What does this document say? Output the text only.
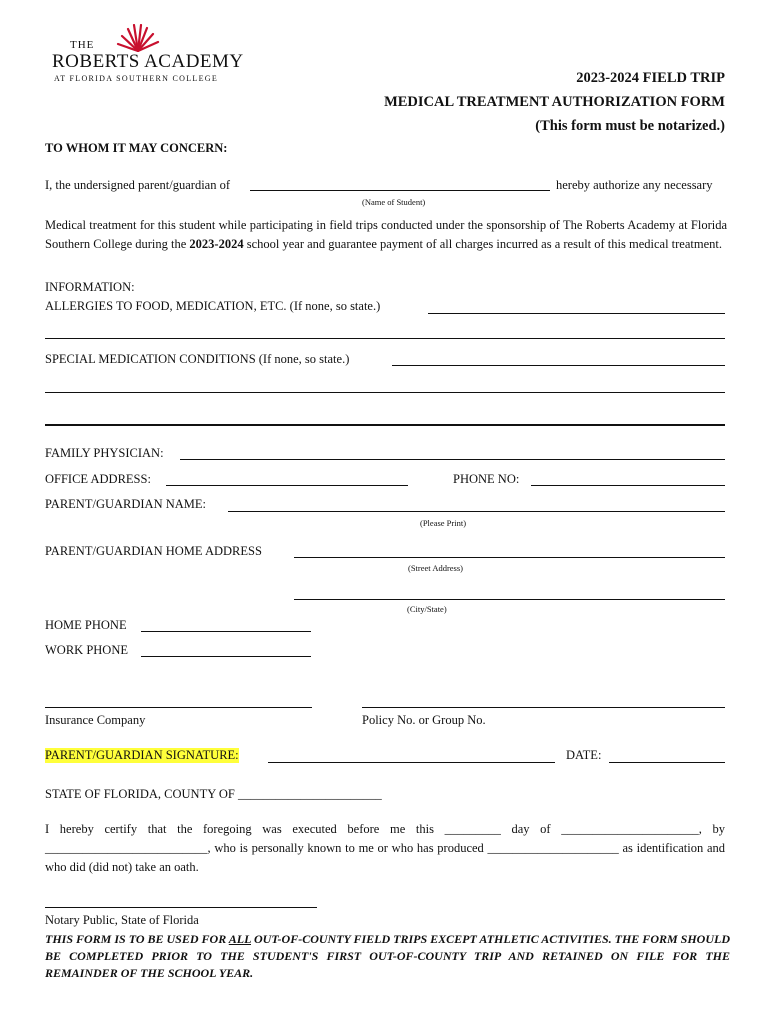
THE
ROBERTS ACADEMY
AT FLORIDA SOUTHERN COLLEGE	2023-2024 FIELD TRIP
MEDICAL TREATMENT AUTHORIZATION FORM
(This form must be notarized.)
TO WHOM IT MAY CONCERN:
I, the undersigned parent/guardian of	hereby authorize any necessary
(Name of Student)
Medical treatment for this student while participating in field trips conducted under the sponsorship of The Roberts Academy at Florida Southern College during the 2023-2024 school year and guarantee payment of all charges incurred as a result of this medical treatment.
INFORMATION:
ALLERGIES TO FOOD, MEDICATION, ETC. (If none, so state.)
SPECIAL MEDICATION CONDITIONS (If none, so state.)
FAMILY PHYSICIAN:
OFFICE ADDRESS:	PHONE NO:
PARENT/GUARDIAN NAME:
(Please Print)
PARENT/GUARDIAN HOME ADDRESS
(Street Address)
(City/State)
HOME PHONE
WORK PHONE
Insurance Company	Policy No. or Group No.
PARENT/GUARDIAN SIGNATURE:	DATE:
STATE OF FLORIDA, COUNTY OF _______________________
I hereby certify that the foregoing was executed before me this _________ day of ______________________, by __________________________, who is personally known to me or who has produced _____________________ as identification and who did (did not) take an oath.
Notary Public, State of Florida
THIS FORM IS TO BE USED FOR ALL OUT-OF-COUNTY FIELD TRIPS EXCEPT ATHLETIC ACTIVITIES. THE FORM SHOULD BE COMPLETED PRIOR TO THE STUDENT'S FIRST OUT-OF-COUNTY TRIP AND RETAINED ON FILE FOR THE REMAINDER OF THE SCHOOL YEAR.
